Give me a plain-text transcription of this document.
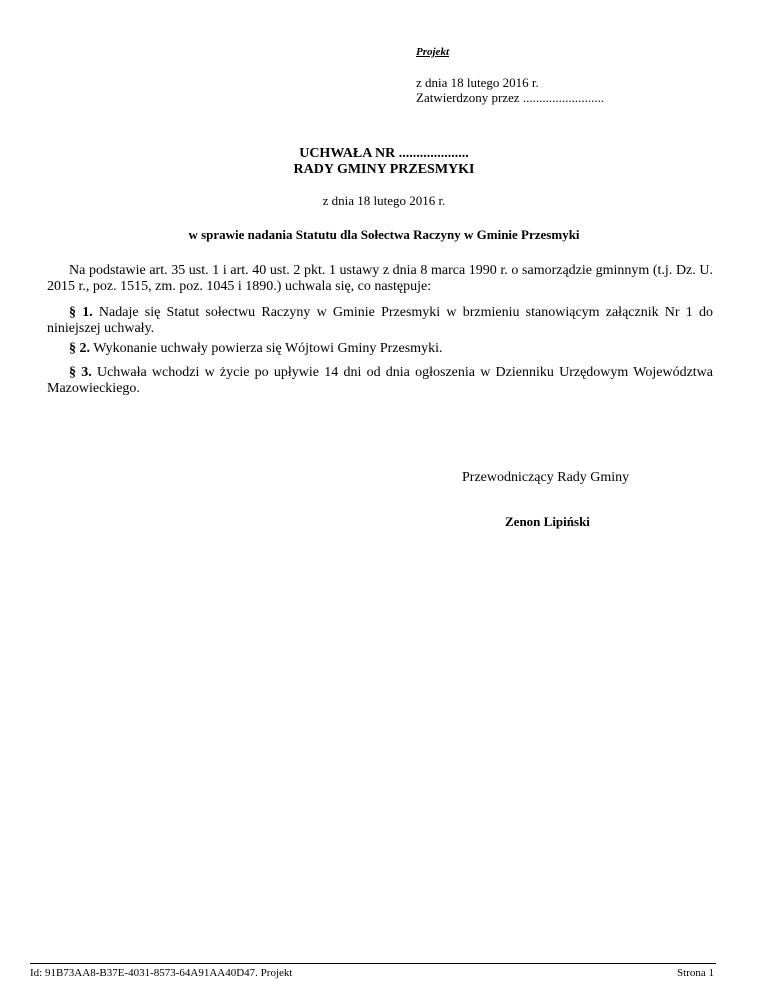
Projekt
z dnia 18 lutego 2016 r.
Zatwierdzony przez .........................
UCHWAŁA NR ....................
RADY GMINY PRZESMYKI
z dnia 18 lutego 2016 r.
w sprawie nadania Statutu dla Sołectwa Raczyny w Gminie Przesmyki
Na podstawie art. 35 ust. 1 i art. 40 ust. 2 pkt. 1 ustawy z dnia 8 marca 1990 r. o samorządzie gminnym (t.j. Dz. U. 2015 r., poz. 1515, zm. poz. 1045 i 1890.) uchwala się, co następuje:
§ 1. Nadaje się Statut sołectwu Raczyny w Gminie Przesmyki w brzmieniu stanowiącym załącznik Nr 1 do niniejszej uchwały.
§ 2. Wykonanie uchwały powierza się Wójtowi Gminy Przesmyki.
§ 3. Uchwała wchodzi w życie po upływie 14 dni od dnia ogłoszenia w Dzienniku Urzędowym Województwa Mazowieckiego.
Przewodniczący Rady Gminy
Zenon Lipiński
Id: 91B73AA8-B37E-4031-8573-64A91AA40D47. Projekt	Strona 1
